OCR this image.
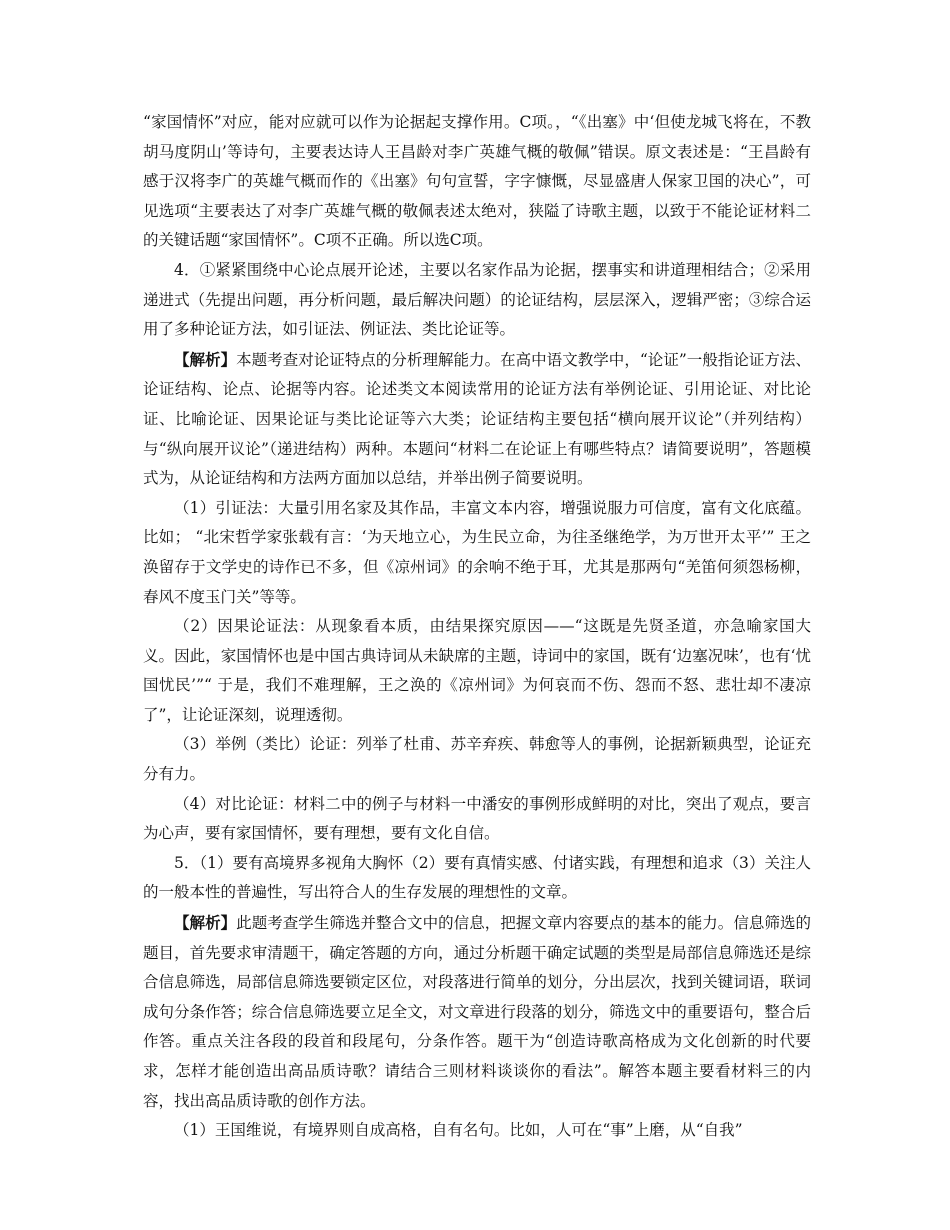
“家国情怀”对应，能对应就可以作为论据起支撑作用。C项。，“《出塞》中‘但使龙城飞将在，不教胡马度阴山’等诗句，主要表达诗人王昌龄对李广英雄气概的敬佩”错误。原文表述是：“王昌龄有感于汉将李广的英雄气概而作的《出塞》句句宣誓，字字慷慨，尽显盛唐人保家卫国的决心”，可见选项“主要表达了对李广英雄气概的敬佩表述太绝对，狭隘了诗歌主题，以致于不能论证材料二的关键话题“家国情怀”。C项不正确。所以选C项。

4．①紧紧围绕中心论点展开论述，主要以名家作品为论据，摆事实和讲道理相结合；②采用递进式（先提出问题，再分析问题，最后解决问题）的论证结构，层层深入，逻辑严密；③综合运用了多种论证方法，如引证法、例证法、类比论证等。

【解析】本题考查对论证特点的分析理解能力。在高中语文教学中，“论证”一般指论证方法、论证结构、论点、论据等内容。论述类文本阅读常用的论证方法有举例论证、引用论证、对比论证、比喻论证、因果论证与类比论证等六大类；论证结构主要包括“横向展开议论”（并列结构）与“纵向展开议论”（递进结构）两种。本题问“材料二在论证上有哪些特点？请简要说明”，答题模式为，从论证结构和方法两方面加以总结，并举出例子简要说明。

（1）引证法：大量引用名家及其作品，丰富文本内容，增强说服力可信度，富有文化底蕴。比如； “北宋哲学家张载有言：‘为天地立心，为生民立命，为往圣继绝学，为万世开太平’” 王之涣留存于文学史的诗作已不多，但《凉州词》的余响不绝于耳，尤其是那两句“羌笛何须怨杨柳，春风不度玉门关”等等。

（2）因果论证法：从现象看本质，由结果探究原因——“这既是先贤圣道，亦急喻家国大义。因此，家国情怀也是中国古典诗词从未缺席的主题，诗词中的家国，既有‘边塞况味’，也有‘忧国忧民’”“ 于是，我们不难理解，王之涣的《凉州词》为何哀而不伤、怨而不怒、悲壮却不凄凉了”，让论证深刻，说理透彻。

（3）举例（类比）论证：列举了杜甫、苏辛弃疾、韩愈等人的事例，论据新颖典型，论证充分有力。

（4）对比论证：材料二中的例子与材料一中潘安的事例形成鲜明的对比，突出了观点，要言为心声，要有家国情怀，要有理想，要有文化自信。

5．（1）要有高境界多视角大胸怀（2）要有真情实感、付诸实践，有理想和追求（3）关注人的一般本性的普遍性，写出符合人的生存发展的理想性的文章。

【解析】此题考查学生筛选并整合文中的信息，把握文章内容要点的基本的能力。信息筛选的题目，首先要求审清题干，确定答题的方向，通过分析题干确定试题的类型是局部信息筛选还是综合信息筛选，局部信息筛选要锁定区位，对段落进行简单的划分，分出层次，找到关键词语，联词成句分条作答；综合信息筛选要立足全文，对文章进行段落的划分，筛选文中的重要语句，整合后作答。重点关注各段的段首和段尾句，分条作答。题干为“创造诗歌高格成为文化创新的时代要求，怎样才能创造出高品质诗歌？请结合三则材料谈谈你的看法”。解答本题主要看材料三的内容，找出高品质诗歌的创作方法。

（1）王国维说，有境界则自成高格，自有名句。比如，人可在“事”上磨，从“自我”
